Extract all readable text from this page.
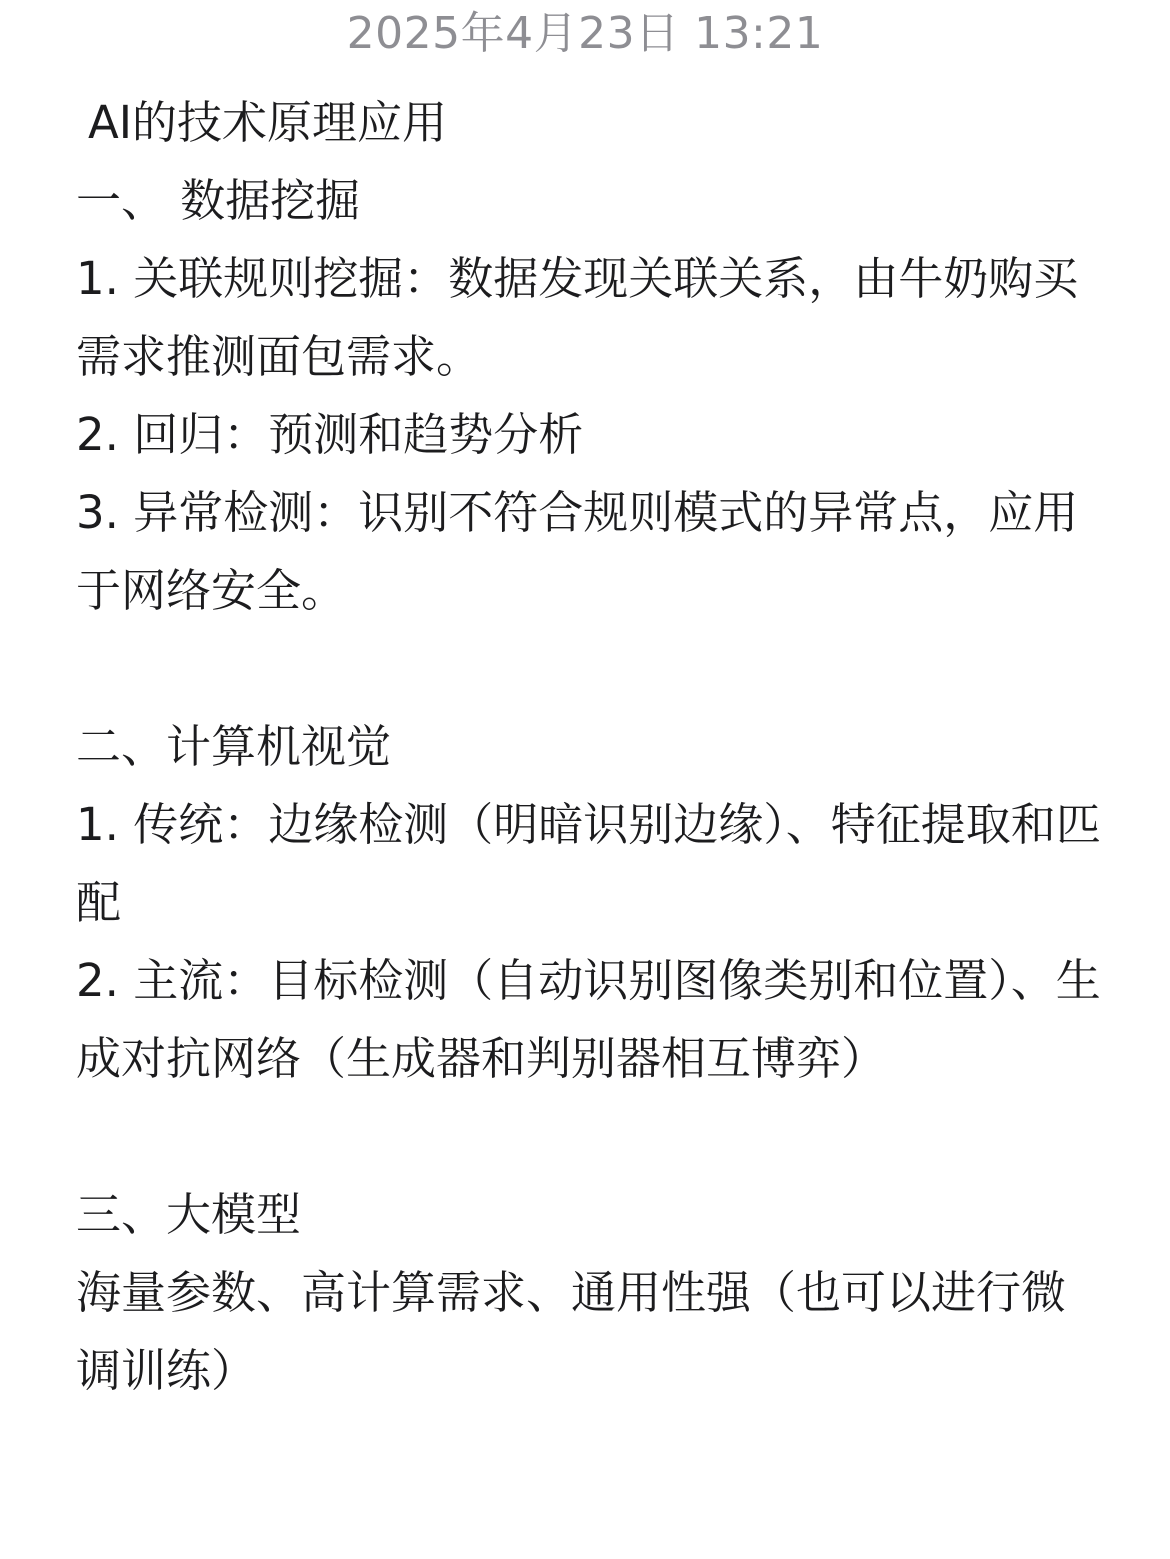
2025年4月23日 13:21
AI的技术原理应用
一、 数据挖掘
1. 关联规则挖掘：数据发现关联关系，由牛奶购买需求推测面包需求。
2. 回归：预测和趋势分析
3. 异常检测：识别不符合规则模式的异常点，应用于网络安全。
二、计算机视觉
1. 传统：边缘检测（明暗识别边缘）、特征提取和匹配
2. 主流：目标检测（自动识别图像类别和位置）、生成对抗网络（生成器和判别器相互博弈）
三、大模型
海量参数、高计算需求、通用性强（也可以进行微调训练）
